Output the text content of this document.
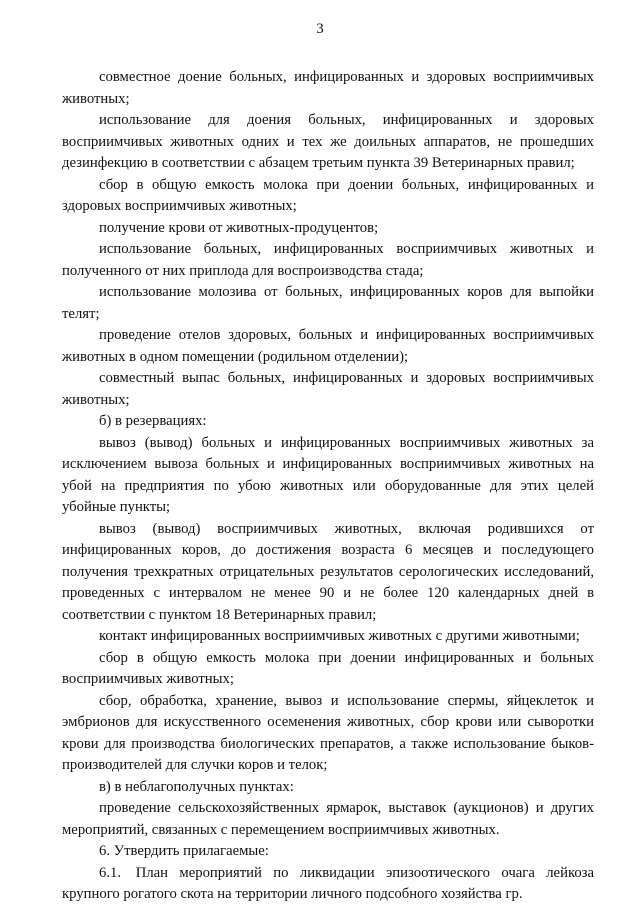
3

совместное доение больных, инфицированных и здоровых восприимчивых животных;

использование для доения больных, инфицированных и здоровых восприимчивых животных одних и тех же доильных аппаратов, не прошедших дезинфекцию в соответствии с абзацем третьим пункта 39 Ветеринарных правил;

сбор в общую емкость молока при доении больных, инфицированных и здоровых восприимчивых животных;

получение крови от животных-продуцентов;

использование больных, инфицированных восприимчивых животных и полученного от них приплода для воспроизводства стада;

использование молозива от больных, инфицированных коров для выпойки телят;

проведение отелов здоровых, больных и инфицированных восприимчивых животных в одном помещении (родильном отделении);

совместный выпас больных, инфицированных и здоровых восприимчивых животных;

б) в резервациях:

вывоз (вывод) больных и инфицированных восприимчивых животных за исключением вывоза больных и инфицированных восприимчивых животных на убой на предприятия по убою животных или оборудованные для этих целей убойные пункты;

вывоз (вывод) восприимчивых животных, включая родившихся от инфицированных коров, до достижения возраста 6 месяцев и последующего получения трехкратных отрицательных результатов серологических исследований, проведенных с интервалом не менее 90 и не более 120 календарных дней в соответствии с пунктом 18 Ветеринарных правил;

контакт инфицированных восприимчивых животных с другими животными;

сбор в общую емкость молока при доении инфицированных и больных восприимчивых животных;

сбор, обработка, хранение, вывоз и использование спермы, яйцеклеток и эмбрионов для искусственного осеменения животных, сбор крови или сыворотки крови для производства биологических препаратов, а также использование быков-производителей для случки коров и телок;

в) в неблагополучных пунктах:

проведение сельскохозяйственных ярмарок, выставок (аукционов) и других мероприятий, связанных с перемещением восприимчивых животных.

6. Утвердить прилагаемые:

6.1. План мероприятий по ликвидации эпизоотического очага лейкоза крупного рогатого скота на территории личного подсобного хозяйства гр.
